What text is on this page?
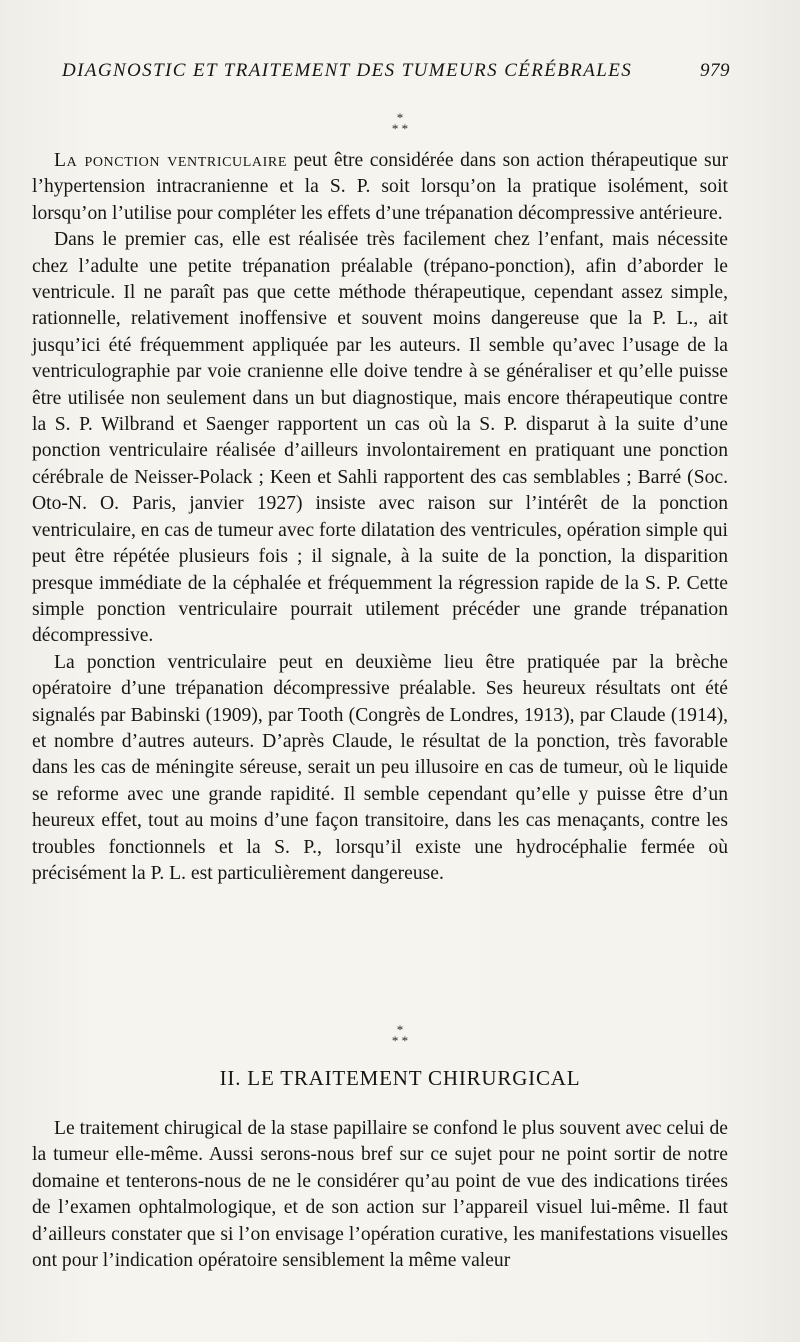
DIAGNOSTIC ET TRAITEMENT DES TUMEURS CÉRÉBRALES	979
*
* *

La ponction ventriculaire peut être considérée dans son action thérapeutique sur l’hypertension intracranienne et la S. P. soit lorsqu’on la pratique isolément, soit lorsqu’on l’utilise pour compléter les effets d’une trépanation décompressive antérieure.

Dans le premier cas, elle est réalisée très facilement chez l’enfant, mais nécessite chez l’adulte une petite trépanation préalable (trépano-ponction), afin d’aborder le ventricule. Il ne paraît pas que cette méthode thérapeutique, cependant assez simple, rationnelle, relativement inoffensive et souvent moins dangereuse que la P. L., ait jusqu’ici été fréquemment appliquée par les auteurs. Il semble qu’avec l’usage de la ventriculographie par voie cranienne elle doive tendre à se généraliser et qu’elle puisse être utilisée non seulement dans un but diagnostique, mais encore thérapeutique contre la S. P. Wilbrand et Saenger rapportent un cas où la S. P. disparut à la suite d’une ponction ventriculaire réalisée d’ailleurs involontairement en pratiquant une ponction cérébrale de Neisser-Polack ; Keen et Sahli rapportent des cas semblables ; Barré (Soc. Oto-N. O. Paris, janvier 1927) insiste avec raison sur l’intérêt de la ponction ventriculaire, en cas de tumeur avec forte dilatation des ventricules, opération simple qui peut être répétée plusieurs fois ; il signale, à la suite de la ponction, la disparition presque immédiate de la céphalée et fréquemment la régression rapide de la S. P. Cette simple ponction ventriculaire pourrait utilement précéder une grande trépanation décompressive.

La ponction ventriculaire peut en deuxième lieu être pratiquée par la brèche opératoire d’une trépanation décompressive préalable. Ses heureux résultats ont été signalés par Babinski (1909), par Tooth (Congrès de Londres, 1913), par Claude (1914), et nombre d’autres auteurs. D’après Claude, le résultat de la ponction, très favorable dans les cas de méningite séreuse, serait un peu illusoire en cas de tumeur, où le liquide se reforme avec une grande rapidité. Il semble cependant qu’elle y puisse être d’un heureux effet, tout au moins d’une façon transitoire, dans les cas menaçants, contre les troubles fonctionnels et la S. P., lorsqu’il existe une hydrocéphalie fermée où précisément la P. L. est particulièrement dangereuse.

*
* *
II. LE TRAITEMENT CHIRURGICAL

Le traitement chirugical de la stase papillaire se confond le plus souvent avec celui de la tumeur elle-même. Aussi serons-nous bref sur ce sujet pour ne point sortir de notre domaine et tenterons-nous de ne le considérer qu’au point de vue des indications tirées de l’examen ophtalmologique, et de son action sur l’appareil visuel lui-même. Il faut d’ailleurs constater que si l’on envisage l’opération curative, les manifestations visuelles ont pour l’indication opératoire sensiblement la même valeur
